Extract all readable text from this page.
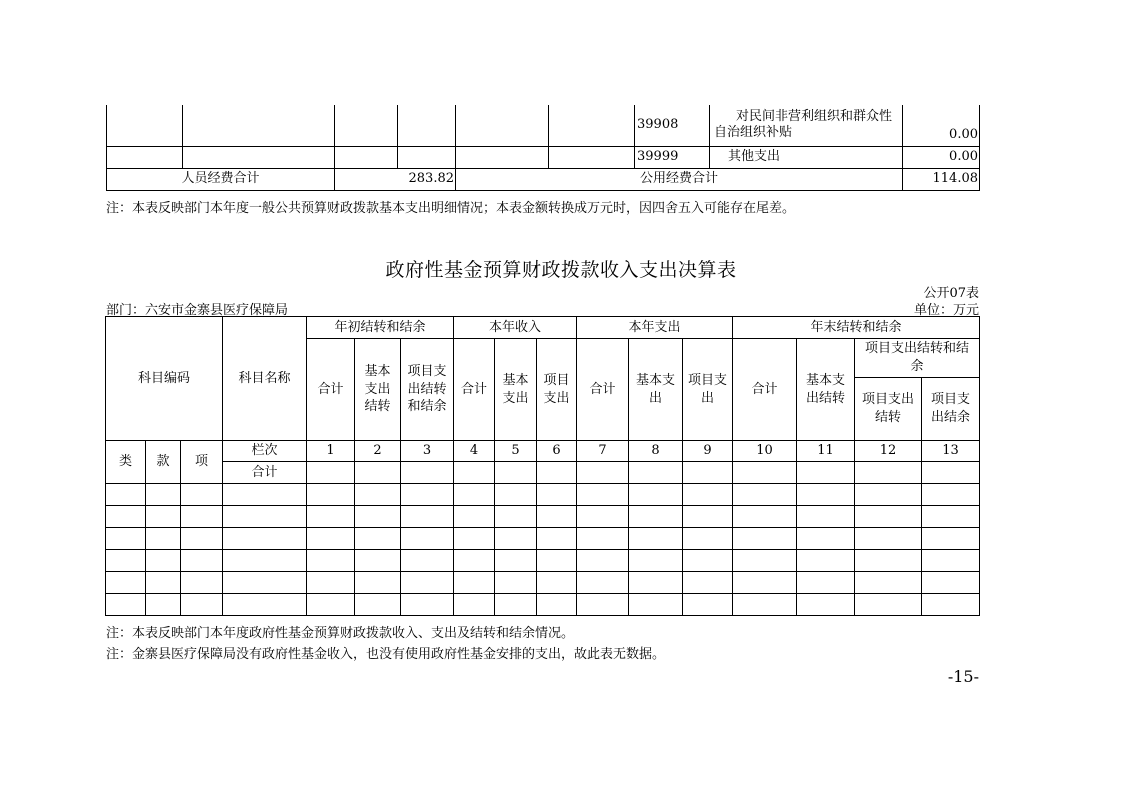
						39908	对民间非营利组织和群众性自治组织补贴	0.00
						39999	其他支出	0.00
人员经费合计		283.82		公用经费合计				114.08
注：本表反映部门本年度一般公共预算财政拨款基本支出明细情况；本表金额转换成万元时，因四舍五入可能存在尾差。
政府性基金预算财政拨款收入支出决算表
公开07表
部门：六安市金寨县医疗保障局	单位：万元
科目编码			科目名称	年初结转和结余			本年收入			本年支出			年末结转和结余			
				合计	基本支出结转	项目支出结转和结余	合计	基本支出	项目支出	合计	基本支出	项目支出	合计	基本支出结转	项目支出结转和结余	
															项目支出结转	项目支出结余
类	款	项	栏次	1	2	3	4	5	6	7	8	9	10	11	12	13
			合计													

注：本表反映部门本年度政府性基金预算财政拨款收入、支出及结转和结余情况。
注：金寨县医疗保障局没有政府性基金收入，也没有使用政府性基金安排的支出，故此表无数据。
-15-
